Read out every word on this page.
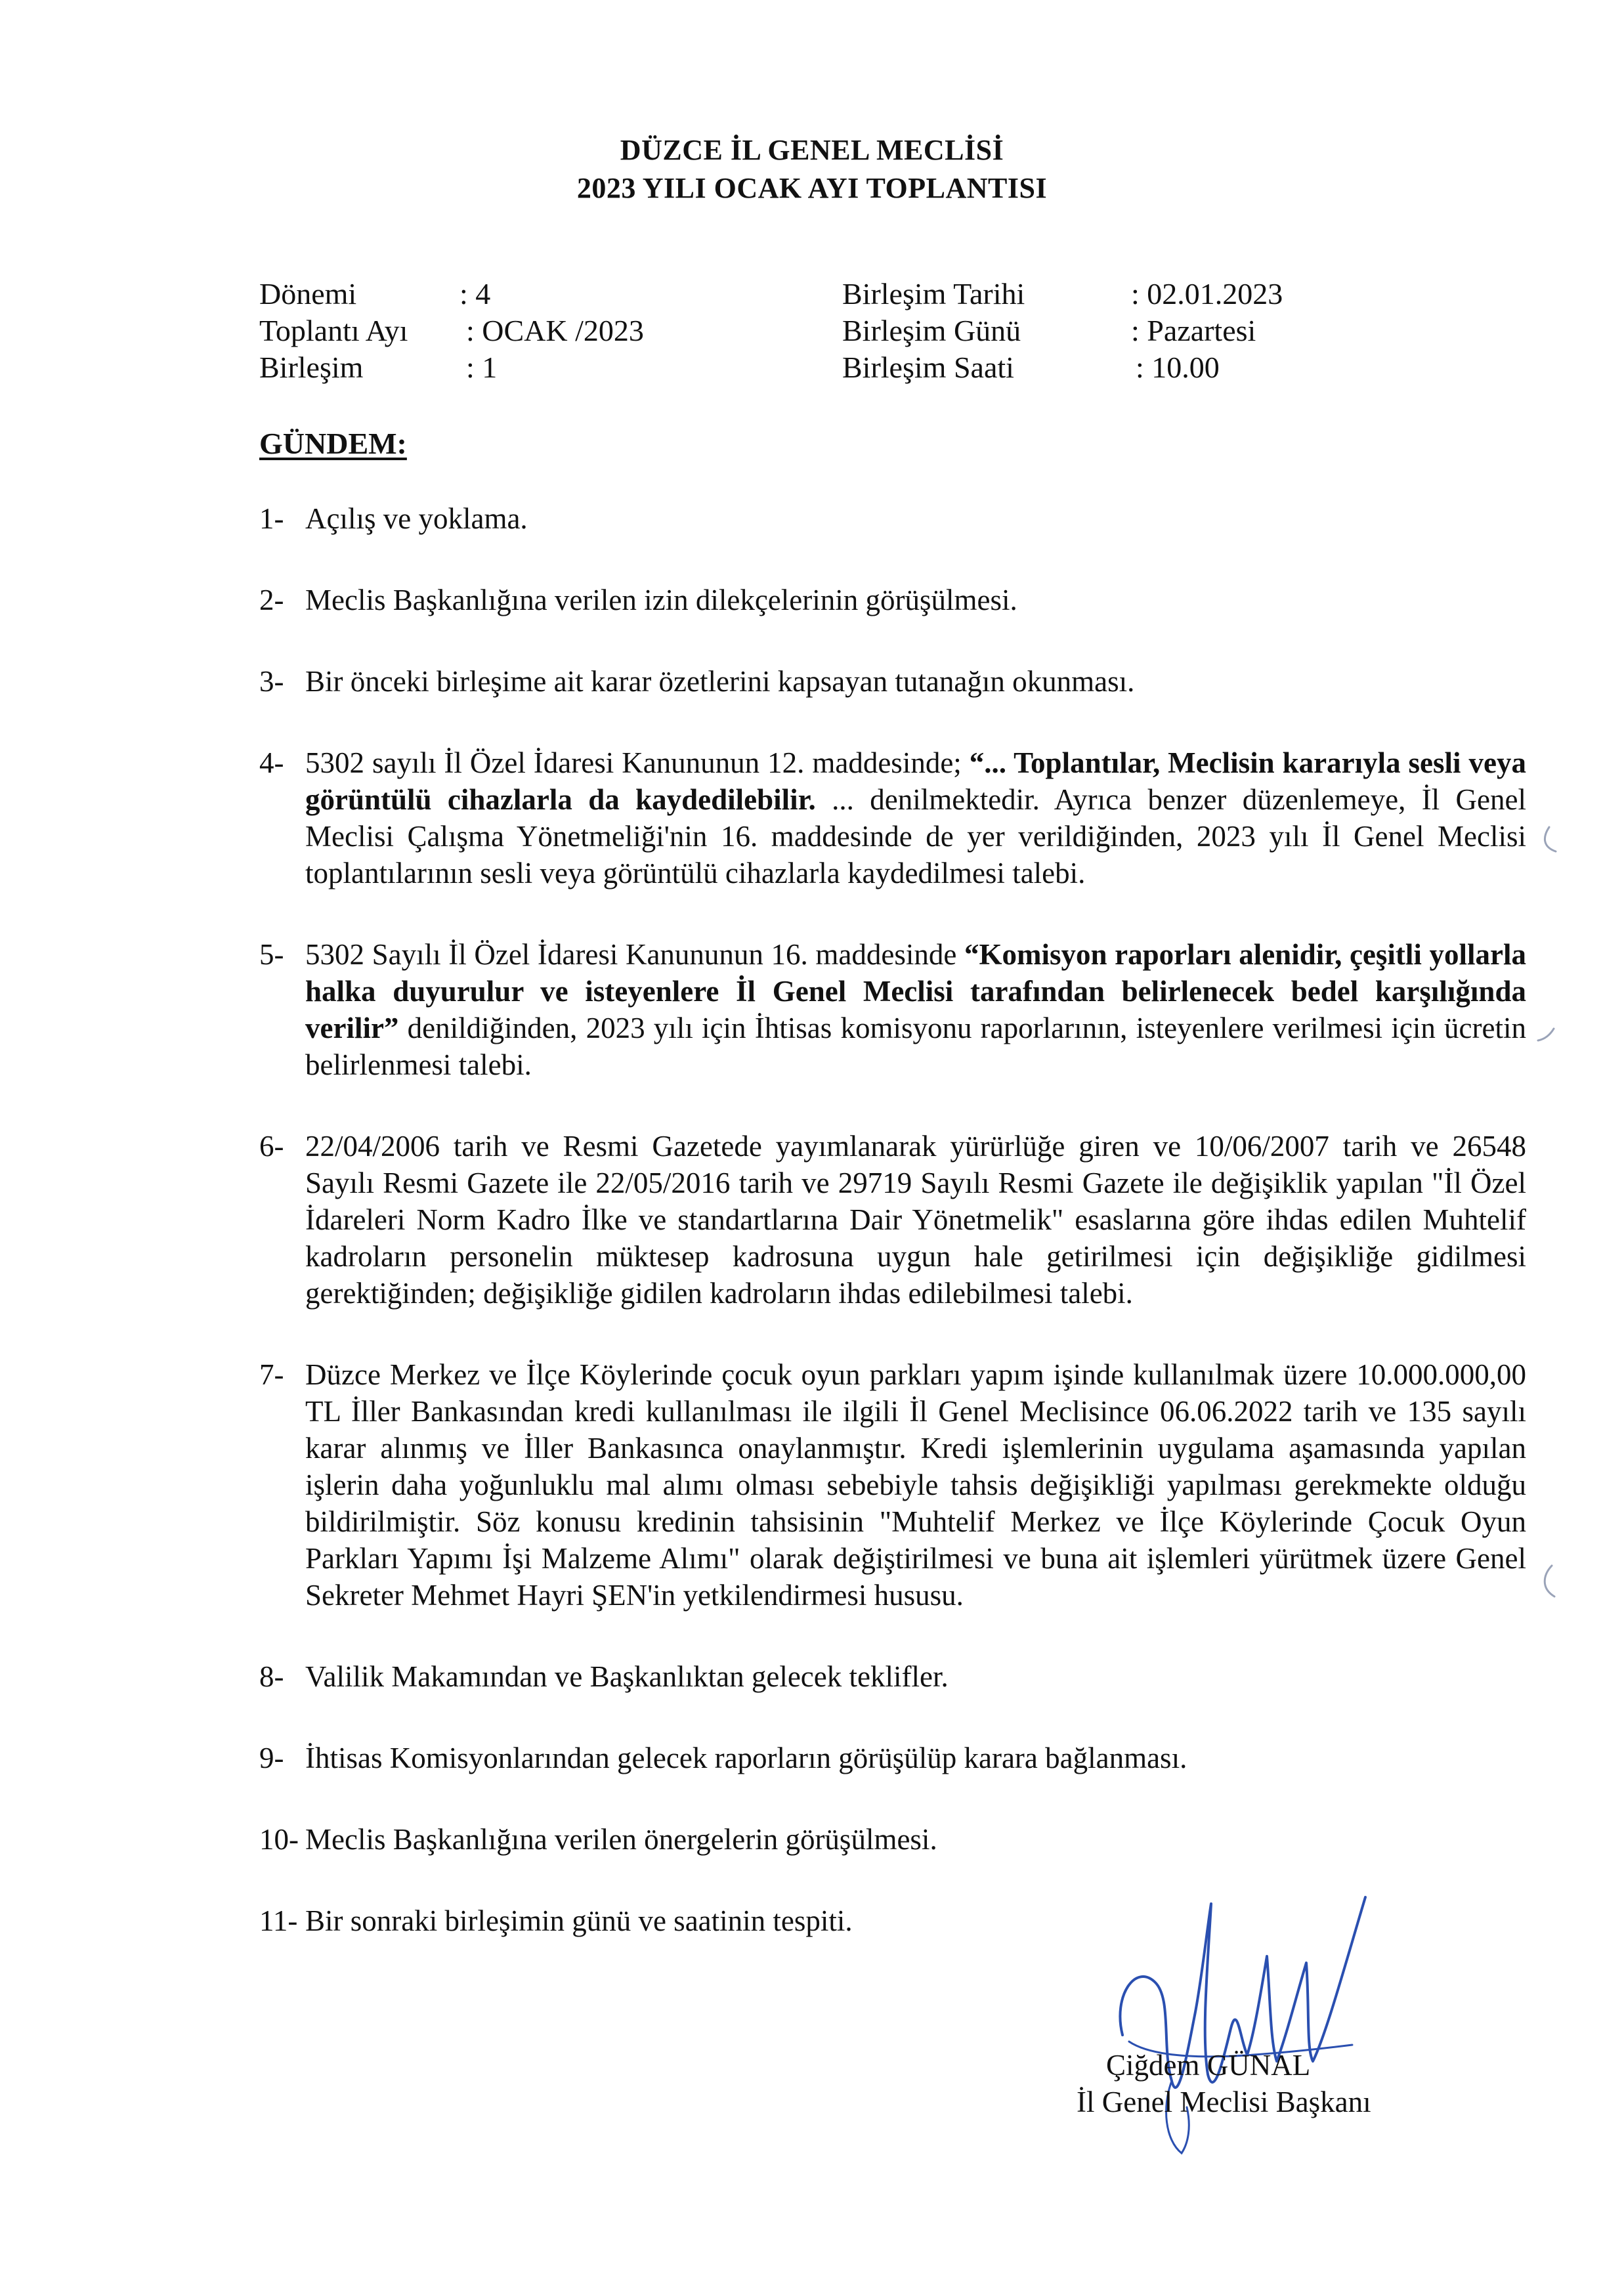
DÜZCE İL GENEL MECLİSİ
2023 YILI OCAK AYI TOPLANTISI
Dönemi	: 4
Toplantı Ayı : OCAK /2023
Birleşim	: 1
Birleşim Tarihi	: 02.01.2023
Birleşim Günü	: Pazartesi
Birleşim Saati	: 10.00
GÜNDEM:
1- Açılış ve yoklama.
2- Meclis Başkanlığına verilen izin dilekçelerinin görüşülmesi.
3- Bir önceki birleşime ait karar özetlerini kapsayan tutanağın okunması.
4- 5302 sayılı İl Özel İdaresi Kanununun 12. maddesinde; “... Toplantılar, Meclisin kararıyla sesli veya görüntülü cihazlarla da kaydedilebilir. ... denilmektedir. Ayrıca benzer düzenlemeye, İl Genel Meclisi Çalışma Yönetmeliği'nin 16. maddesinde de yer verildiğinden, 2023 yılı İl Genel Meclisi toplantılarının sesli veya görüntülü cihazlarla kaydedilmesi talebi.
5- 5302 Sayılı İl Özel İdaresi Kanununun 16. maddesinde “Komisyon raporları alenidir, çeşitli yollarla halka duyurulur ve isteyenlere İl Genel Meclisi tarafından belirlenecek bedel karşılığında verilir” denildiğinden, 2023 yılı için İhtisas komisyonu raporlarının, isteyenlere verilmesi için ücretin belirlenmesi talebi.
6- 22/04/2006 tarih ve Resmi Gazetede yayımlanarak yürürlüğe giren ve 10/06/2007 tarih ve 26548 Sayılı Resmi Gazete ile 22/05/2016 tarih ve 29719 Sayılı Resmi Gazete ile değişiklik yapılan "İl Özel İdareleri Norm Kadro İlke ve standartlarına Dair Yönetmelik" esaslarına göre ihdas edilen Muhtelif kadroların personelin müktesep kadrosuna uygun hale getirilmesi için değişikliğe gidilmesi gerektiğinden; değişikliğe gidilen kadroların ihdas edilebilmesi talebi.
7- Düzce Merkez ve İlçe Köylerinde çocuk oyun parkları yapım işinde kullanılmak üzere 10.000.000,00 TL İller Bankasından kredi kullanılması ile ilgili İl Genel Meclisince 06.06.2022 tarih ve 135 sayılı karar alınmış ve İller Bankasınca onaylanmıştır. Kredi işlemlerinin uygulama aşamasında yapılan işlerin daha yoğunluklu mal alımı olması sebebiyle tahsis değişikliği yapılması gerekmekte olduğu bildirilmiştir. Söz konusu kredinin tahsisinin "Muhtelif Merkez ve İlçe Köylerinde Çocuk Oyun Parkları Yapımı İşi Malzeme Alımı" olarak değiştirilmesi ve buna ait işlemleri yürütmek üzere Genel Sekreter Mehmet Hayri ŞEN'in yetkilendirmesi hususu.
8- Valilik Makamından ve Başkanlıktan gelecek teklifler.
9- İhtisas Komisyonlarından gelecek raporların görüşülüp karara bağlanması.
10- Meclis Başkanlığına verilen önergelerin görüşülmesi.
11- Bir sonraki birleşimin günü ve saatinin tespiti.
Çiğdem GÜNAL
İl Genel Meclisi Başkanı
